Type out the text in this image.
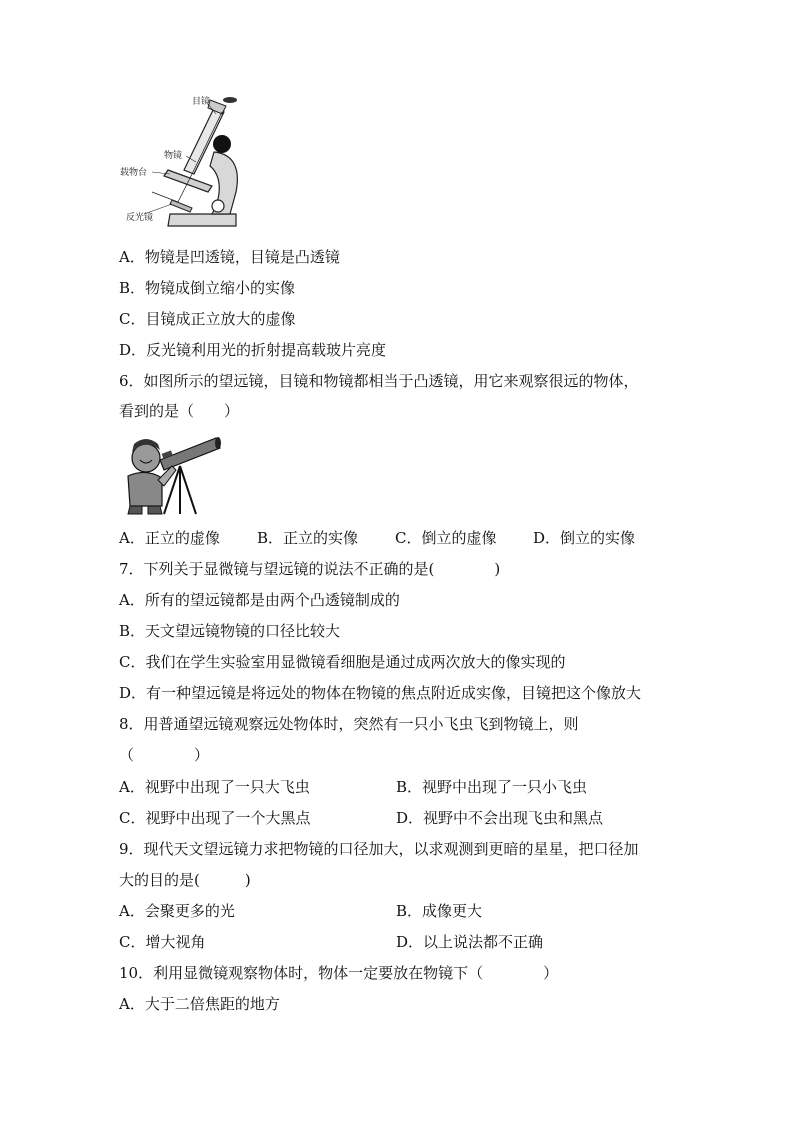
目镜
物镜
载物台
反光镜
A．物镜是凹透镜，目镜是凸透镜
B．物镜成倒立缩小的实像
C．目镜成正立放大的虚像
D．反光镜利用光的折射提高载玻片亮度
6．如图所示的望远镜，目镜和物镜都相当于凸透镜，用它来观察很远的物体，
看到的是（　　）
A．正立的虚像 B．正立的实像 C．倒立的虚像 D．倒立的实像
7．下列关于显微镜与望远镜的说法不正确的是(　　　　)
A．所有的望远镜都是由两个凸透镜制成的
B．天文望远镜物镜的口径比较大
C．我们在学生实验室用显微镜看细胞是通过成两次放大的像实现的
D．有一种望远镜是将远处的物体在物镜的焦点附近成实像，目镜把这个像放大
8．用普通望远镜观察远处物体时，突然有一只小飞虫飞到物镜上，则
（　　　　）
A．视野中出现了一只大飞虫	B．视野中出现了一只小飞虫
C．视野中出现了一个大黑点	D．视野中不会出现飞虫和黑点
9．现代天文望远镜力求把物镜的口径加大，以求观测到更暗的星星，把口径加
大的目的是(　　　)
A．会聚更多的光	B．成像更大
C．增大视角	D．以上说法都不正确
10．利用显微镜观察物体时，物体一定要放在物镜下（　　　　）
A．大于二倍焦距的地方
